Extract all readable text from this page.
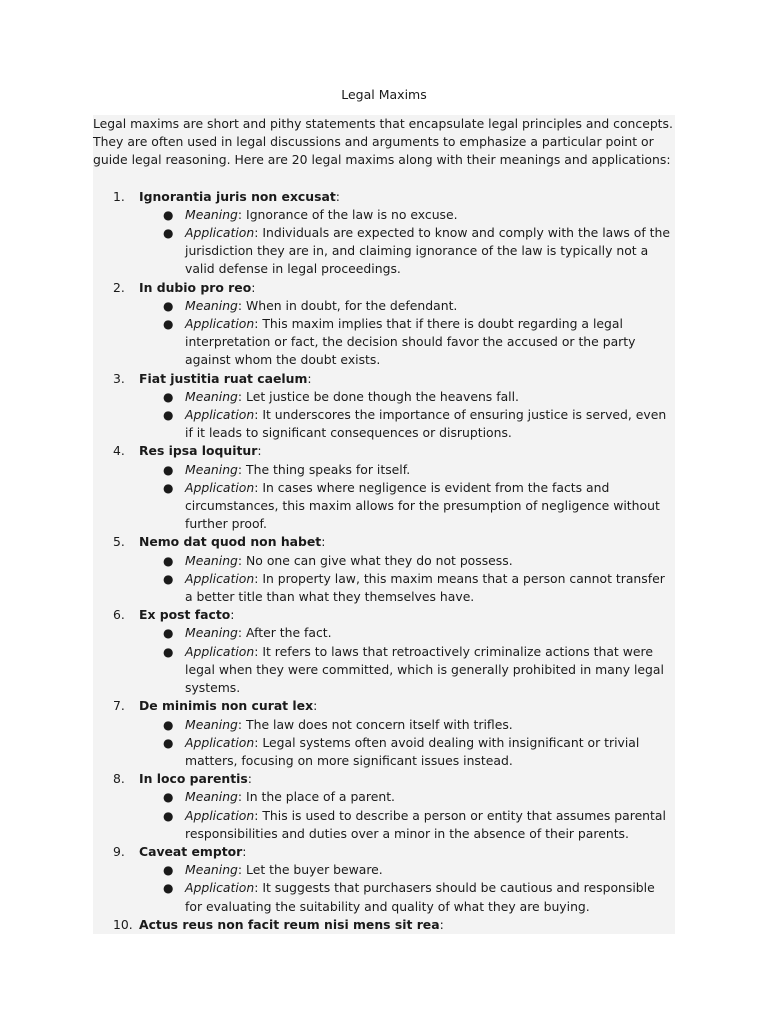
Legal Maxims

Legal maxims are short and pithy statements that encapsulate legal principles and concepts. They are often used in legal discussions and arguments to emphasize a particular point or guide legal reasoning. Here are 20 legal maxims along with their meanings and applications:

1.	Ignorantia juris non excusat:
● Meaning: Ignorance of the law is no excuse.
● Application: Individuals are expected to know and comply with the laws of the jurisdiction they are in, and claiming ignorance of the law is typically not a valid defense in legal proceedings.
2.	In dubio pro reo:
● Meaning: When in doubt, for the defendant.
● Application: This maxim implies that if there is doubt regarding a legal interpretation or fact, the decision should favor the accused or the party against whom the doubt exists.
3.	Fiat justitia ruat caelum:
● Meaning: Let justice be done though the heavens fall.
● Application: It underscores the importance of ensuring justice is served, even if it leads to significant consequences or disruptions.
4.	Res ipsa loquitur:
● Meaning: The thing speaks for itself.
● Application: In cases where negligence is evident from the facts and circumstances, this maxim allows for the presumption of negligence without further proof.
5.	Nemo dat quod non habet:
● Meaning: No one can give what they do not possess.
● Application: In property law, this maxim means that a person cannot transfer a better title than what they themselves have.
6.	Ex post facto:
● Meaning: After the fact.
● Application: It refers to laws that retroactively criminalize actions that were legal when they were committed, which is generally prohibited in many legal systems.
7.	De minimis non curat lex:
● Meaning: The law does not concern itself with trifles.
● Application: Legal systems often avoid dealing with insignificant or trivial matters, focusing on more significant issues instead.
8.	In loco parentis:
● Meaning: In the place of a parent.
● Application: This is used to describe a person or entity that assumes parental responsibilities and duties over a minor in the absence of their parents.
9.	Caveat emptor:
● Meaning: Let the buyer beware.
● Application: It suggests that purchasers should be cautious and responsible for evaluating the suitability and quality of what they are buying.
10. Actus reus non facit reum nisi mens sit rea:
